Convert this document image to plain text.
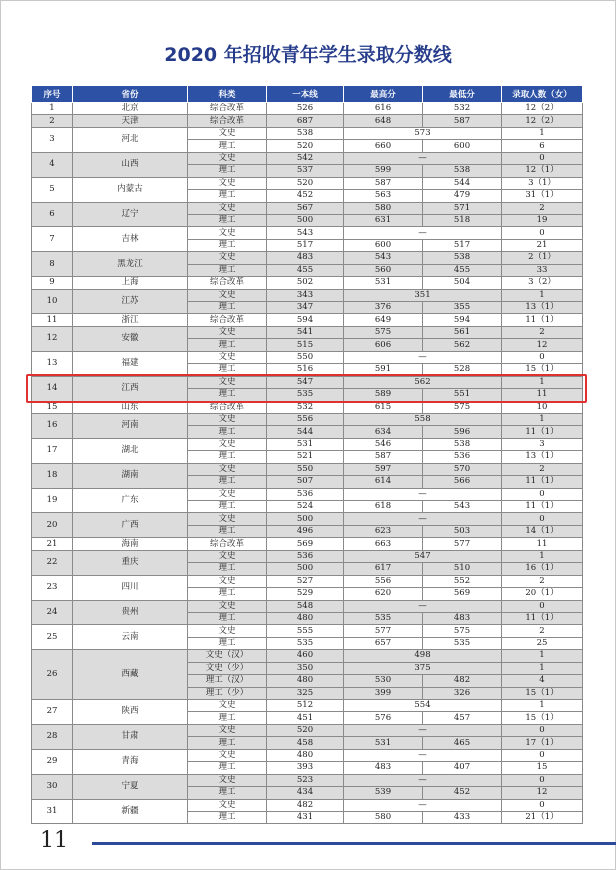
2020 年招收青年学生录取分数线
序号	省份	科类	一本线	最高分	最低分	录取人数（女）
1	北京	综合改革	526	616	532	12（2）
2	天津	综合改革	687	648	587	12（2）
3	河北	文史	538	573		1
		理工	520	660	600	6
4	山西	文史	542	—		0
		理工	537	599	538	12（1）
5	内蒙古	文史	520	587	544	3（1）
		理工	452	563	479	31（1）
6	辽宁	文史	567	580	571	2
		理工	500	631	518	19
7	吉林	文史	543	—		0
		理工	517	600	517	21
8	黑龙江	文史	483	543	538	2（1）
		理工	455	560	455	33
9	上海	综合改革	502	531	504	3（2）
10	江苏	文史	343	351		1
		理工	347	376	355	13（1）
11	浙江	综合改革	594	649	594	11（1）
12	安徽	文史	541	575	561	2
		理工	515	606	562	12
13	福建	文史	550	—		0
		理工	516	591	528	15（1）
14	江西	文史	547	562		1
		理工	535	589	551	11
15	山东	综合改革	532	615	575	10
16	河南	文史	556	558		1
		理工	544	634	596	11（1）
17	湖北	文史	531	546	538	3
		理工	521	587	536	13（1）
18	湖南	文史	550	597	570	2
		理工	507	614	566	11（1）
19	广东	文史	536	—		0
		理工	524	618	543	11（1）
20	广西	文史	500	—		0
		理工	496	623	503	14（1）
21	海南	综合改革	569	663	577	11
22	重庆	文史	536	547		1
		理工	500	617	510	16（1）
23	四川	文史	527	556	552	2
		理工	529	620	569	20（1）
24	贵州	文史	548	—		0
		理工	480	535	483	11（1）
25	云南	文史	555	577	575	2
		理工	535	657	535	25
26	西藏	文史（汉）	460	498		1
		文史（少）	350	375		1
		理工（汉）	480	530	482	4
		理工（少）	325	399	326	15（1）
27	陕西	文史	512	554		1
		理工	451	576	457	15（1）
28	甘肃	文史	520	—		0
		理工	458	531	465	17（1）
29	青海	文史	480	—		0
		理工	393	483	407	15
30	宁夏	文史	523	—		0
		理工	434	539	452	12
31	新疆	文史	482	—		0
		理工	431	580	433	21（1）
11
